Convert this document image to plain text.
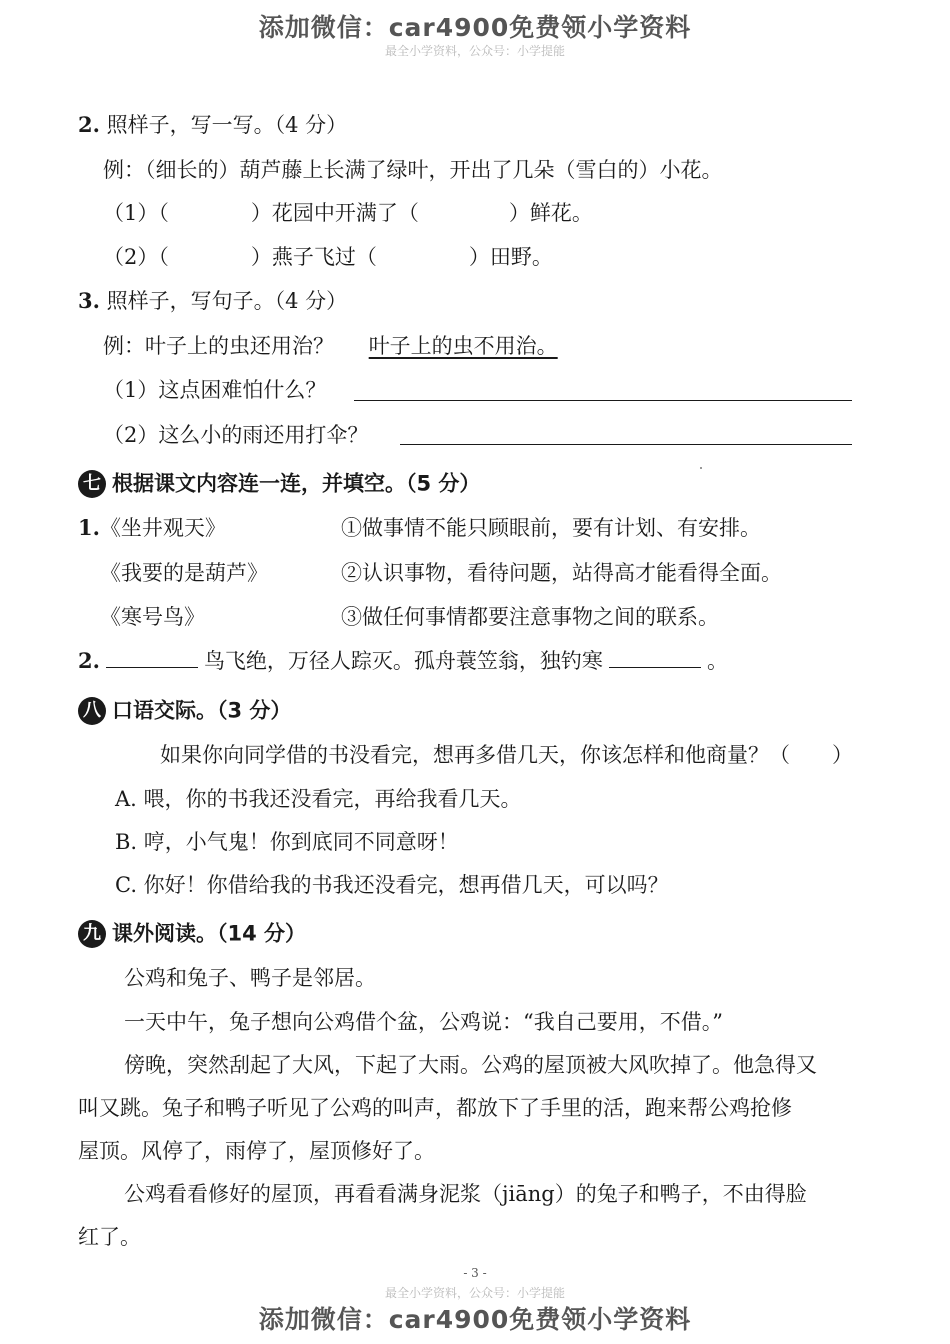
添加微信：car4900免费领小学资料
最全小学资料，公众号：小学提能
2. 照样子，写一写。（4 分）
例：（细长的）葫芦藤上长满了绿叶，开出了几朵（雪白的）小花。
（1）（	）花园中开满了（	）鲜花。
（2）（	）燕子飞过（	）田野。
3. 照样子，写句子。（4 分）
例：叶子上的虫还用治？ 叶子上的虫不用治。
（1）这点困难怕什么？
（2）这么小的雨还用打伞？
七 根据课文内容连一连，并填空。（5 分）
1.《坐井观天》	①做事情不能只顾眼前，要有计划、有安排。
《我要的是葫芦》	②认识事物，看待问题，站得高才能看得全面。
《寒号鸟》	③做任何事情都要注意事物之间的联系。
2.	鸟飞绝，万径人踪灭。孤舟蓑笠翁，独钓寒	。
八 口语交际。（3 分）
如果你向同学借的书没看完，想再多借几天，你该怎样和他商量？（　　）
A. 喂，你的书我还没看完，再给我看几天。
B. 哼，小气鬼！你到底同不同意呀！
C. 你好！你借给我的书我还没看完，想再借几天，可以吗？
九 课外阅读。（14 分）
公鸡和兔子、鸭子是邻居。
一天中午，兔子想向公鸡借个盆，公鸡说：“我自己要用，不借。”
傍晚，突然刮起了大风，下起了大雨。公鸡的屋顶被大风吹掉了。他急得又
叫又跳。兔子和鸭子听见了公鸡的叫声，都放下了手里的活，跑来帮公鸡抢修
屋顶。风停了，雨停了，屋顶修好了。
公鸡看看修好的屋顶，再看看满身泥浆（jiāng）的兔子和鸭子，不由得脸
红了。
- 3 -
最全小学资料，公众号：小学提能
添加微信：car4900免费领小学资料
